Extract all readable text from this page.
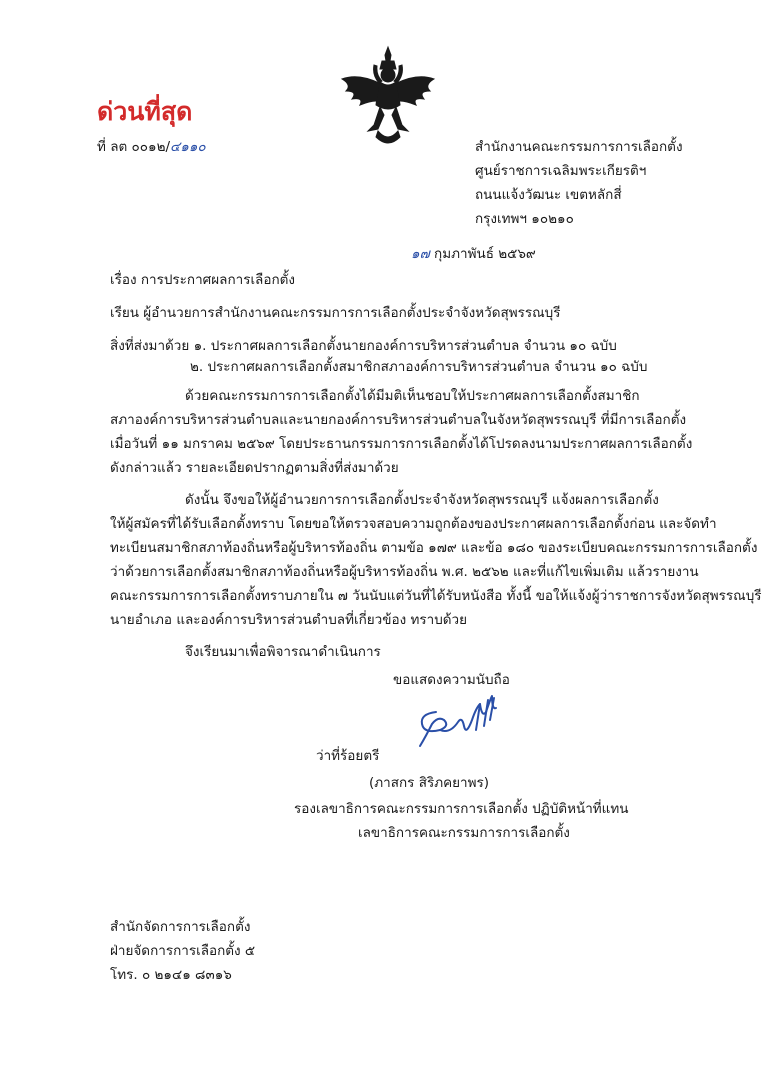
ด่วนที่สุด
ที่ ลต ๐๐๑๒/๔๑๑๐	สำนักงานคณะกรรมการการเลือกตั้ง
ศูนย์ราชการเฉลิมพระเกียรติฯ
ถนนแจ้งวัฒนะ เขตหลักสี่
กรุงเทพฯ ๑๐๒๑๐
๑๗ กุมภาพันธ์ ๒๕๖๙
เรื่อง การประกาศผลการเลือกตั้ง
เรียน ผู้อำนวยการสำนักงานคณะกรรมการการเลือกตั้งประจำจังหวัดสุพรรณบุรี
สิ่งที่ส่งมาด้วย ๑. ประกาศผลการเลือกตั้งนายกองค์การบริหารส่วนตำบล จำนวน ๑๐ ฉบับ
๒. ประกาศผลการเลือกตั้งสมาชิกสภาองค์การบริหารส่วนตำบล จำนวน ๑๐ ฉบับ
ด้วยคณะกรรมการการเลือกตั้งได้มีมติเห็นชอบให้ประกาศผลการเลือกตั้งสมาชิก
สภาองค์การบริหารส่วนตำบลและนายกองค์การบริหารส่วนตำบลในจังหวัดสุพรรณบุรี ที่มีการเลือกตั้ง
เมื่อวันที่ ๑๑ มกราคม ๒๕๖๙ โดยประธานกรรมการการเลือกตั้งได้โปรดลงนามประกาศผลการเลือกตั้ง
ดังกล่าวแล้ว รายละเอียดปรากฏตามสิ่งที่ส่งมาด้วย
ดังนั้น จึงขอให้ผู้อำนวยการการเลือกตั้งประจำจังหวัดสุพรรณบุรี แจ้งผลการเลือกตั้ง
ให้ผู้สมัครที่ได้รับเลือกตั้งทราบ โดยขอให้ตรวจสอบความถูกต้องของประกาศผลการเลือกตั้งก่อน และจัดทำ
ทะเบียนสมาชิกสภาท้องถิ่นหรือผู้บริหารท้องถิ่น ตามข้อ ๑๗๙ และข้อ ๑๘๐ ของระเบียบคณะกรรมการการเลือกตั้ง
ว่าด้วยการเลือกตั้งสมาชิกสภาท้องถิ่นหรือผู้บริหารท้องถิ่น พ.ศ. ๒๕๖๒ และที่แก้ไขเพิ่มเติม แล้วรายงาน
คณะกรรมการการเลือกตั้งทราบภายใน ๗ วันนับแต่วันที่ได้รับหนังสือ ทั้งนี้ ขอให้แจ้งผู้ว่าราชการจังหวัดสุพรรณบุรี
นายอำเภอ และองค์การบริหารส่วนตำบลที่เกี่ยวข้อง ทราบด้วย
จึงเรียนมาเพื่อพิจารณาดำเนินการ
ขอแสดงความนับถือ
ว่าที่ร้อยตรี
(ภาสกร สิริภคยาพร)
รองเลขาธิการคณะกรรมการการเลือกตั้ง ปฏิบัติหน้าที่แทน
เลขาธิการคณะกรรมการการเลือกตั้ง
สำนักจัดการการเลือกตั้ง
ฝ่ายจัดการการเลือกตั้ง ๕
โทร. ๐ ๒๑๔๑ ๘๓๑๖
